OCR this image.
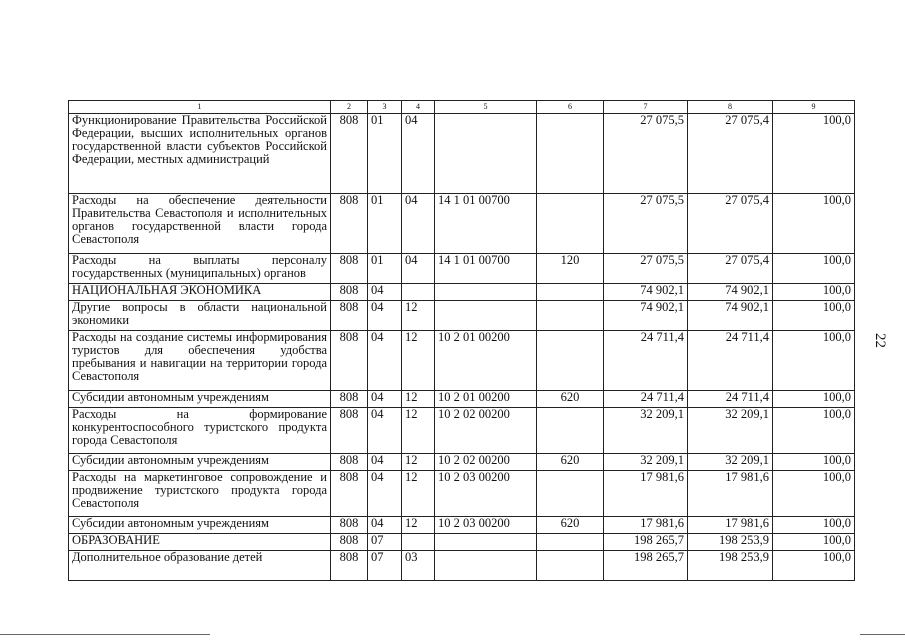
22
1	2	3	4	5	6	7	8	9
Функционирование Правительства Российской Федерации, высших исполнительных органов государственной власти субъектов Российской Федерации, местных администраций	808	01	04			27 075,5	27 075,4	100,0
Расходы на обеспечение деятельности Правительства Севастополя и исполнительных органов государственной власти города Севастополя	808	01	04	14 1 01 00700		27 075,5	27 075,4	100,0
Расходы на выплаты персоналу государственных (муниципальных) органов	808	01	04	14 1 01 00700	120	27 075,5	27 075,4	100,0
НАЦИОНАЛЬНАЯ ЭКОНОМИКА	808	04				74 902,1	74 902,1	100,0
Другие вопросы в области национальной экономики	808	04	12			74 902,1	74 902,1	100,0
Расходы на создание системы информирования туристов для обеспечения удобства пребывания и навигации на территории города Севастополя	808	04	12	10 2 01 00200		24 711,4	24 711,4	100,0
Субсидии автономным учреждениям	808	04	12	10 2 01 00200	620	24 711,4	24 711,4	100,0
Расходы на формирование конкурентоспособного туристского продукта города Севастополя	808	04	12	10 2 02 00200		32 209,1	32 209,1	100,0
Субсидии автономным учреждениям	808	04	12	10 2 02 00200	620	32 209,1	32 209,1	100,0
Расходы на маркетинговое сопровождение и продвижение туристского продукта города Севастополя	808	04	12	10 2 03 00200		17 981,6	17 981,6	100,0
Субсидии автономным учреждениям	808	04	12	10 2 03 00200	620	17 981,6	17 981,6	100,0
ОБРАЗОВАНИЕ	808	07				198 265,7	198 253,9	100,0
Дополнительное образование детей	808	07	03			198 265,7	198 253,9	100,0
